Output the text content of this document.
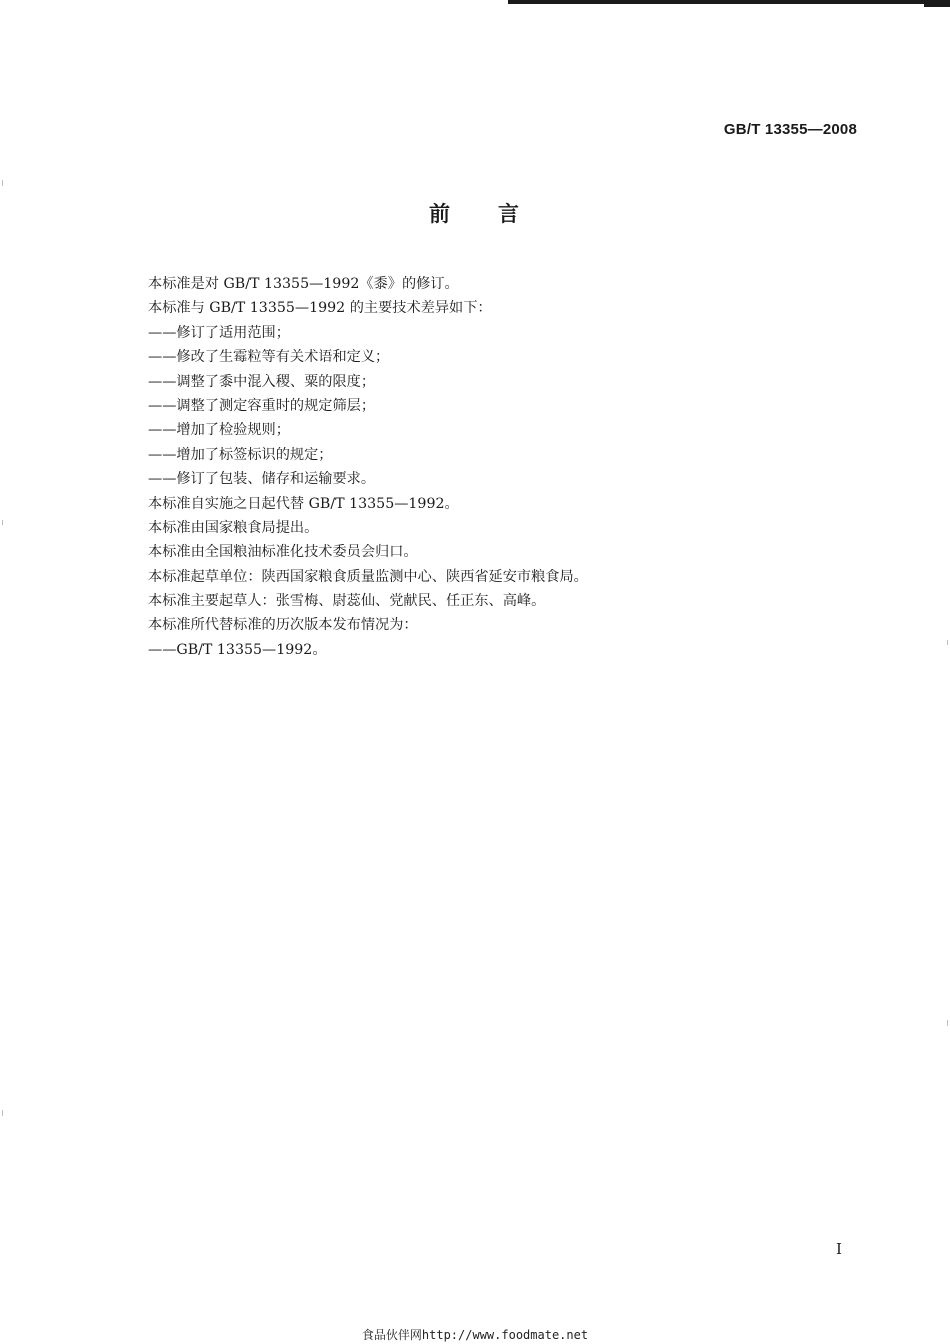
GB/T 13355—2008
前　　言
本标准是对 GB/T 13355—1992《黍》的修订。
本标准与 GB/T 13355—1992 的主要技术差异如下：
——修订了适用范围；
——修改了生霉粒等有关术语和定义；
——调整了黍中混入稷、粟的限度；
——调整了测定容重时的规定筛层；
——增加了检验规则；
——增加了标签标识的规定；
——修订了包装、储存和运输要求。
本标准自实施之日起代替 GB/T 13355—1992。
本标准由国家粮食局提出。
本标准由全国粮油标准化技术委员会归口。
本标准起草单位：陕西国家粮食质量监测中心、陕西省延安市粮食局。
本标准主要起草人：张雪梅、尉蕊仙、党献民、任正东、高峰。
本标准所代替标准的历次版本发布情况为：
——GB/T 13355—1992。
I
食品伙伴网http://www.foodmate.net
